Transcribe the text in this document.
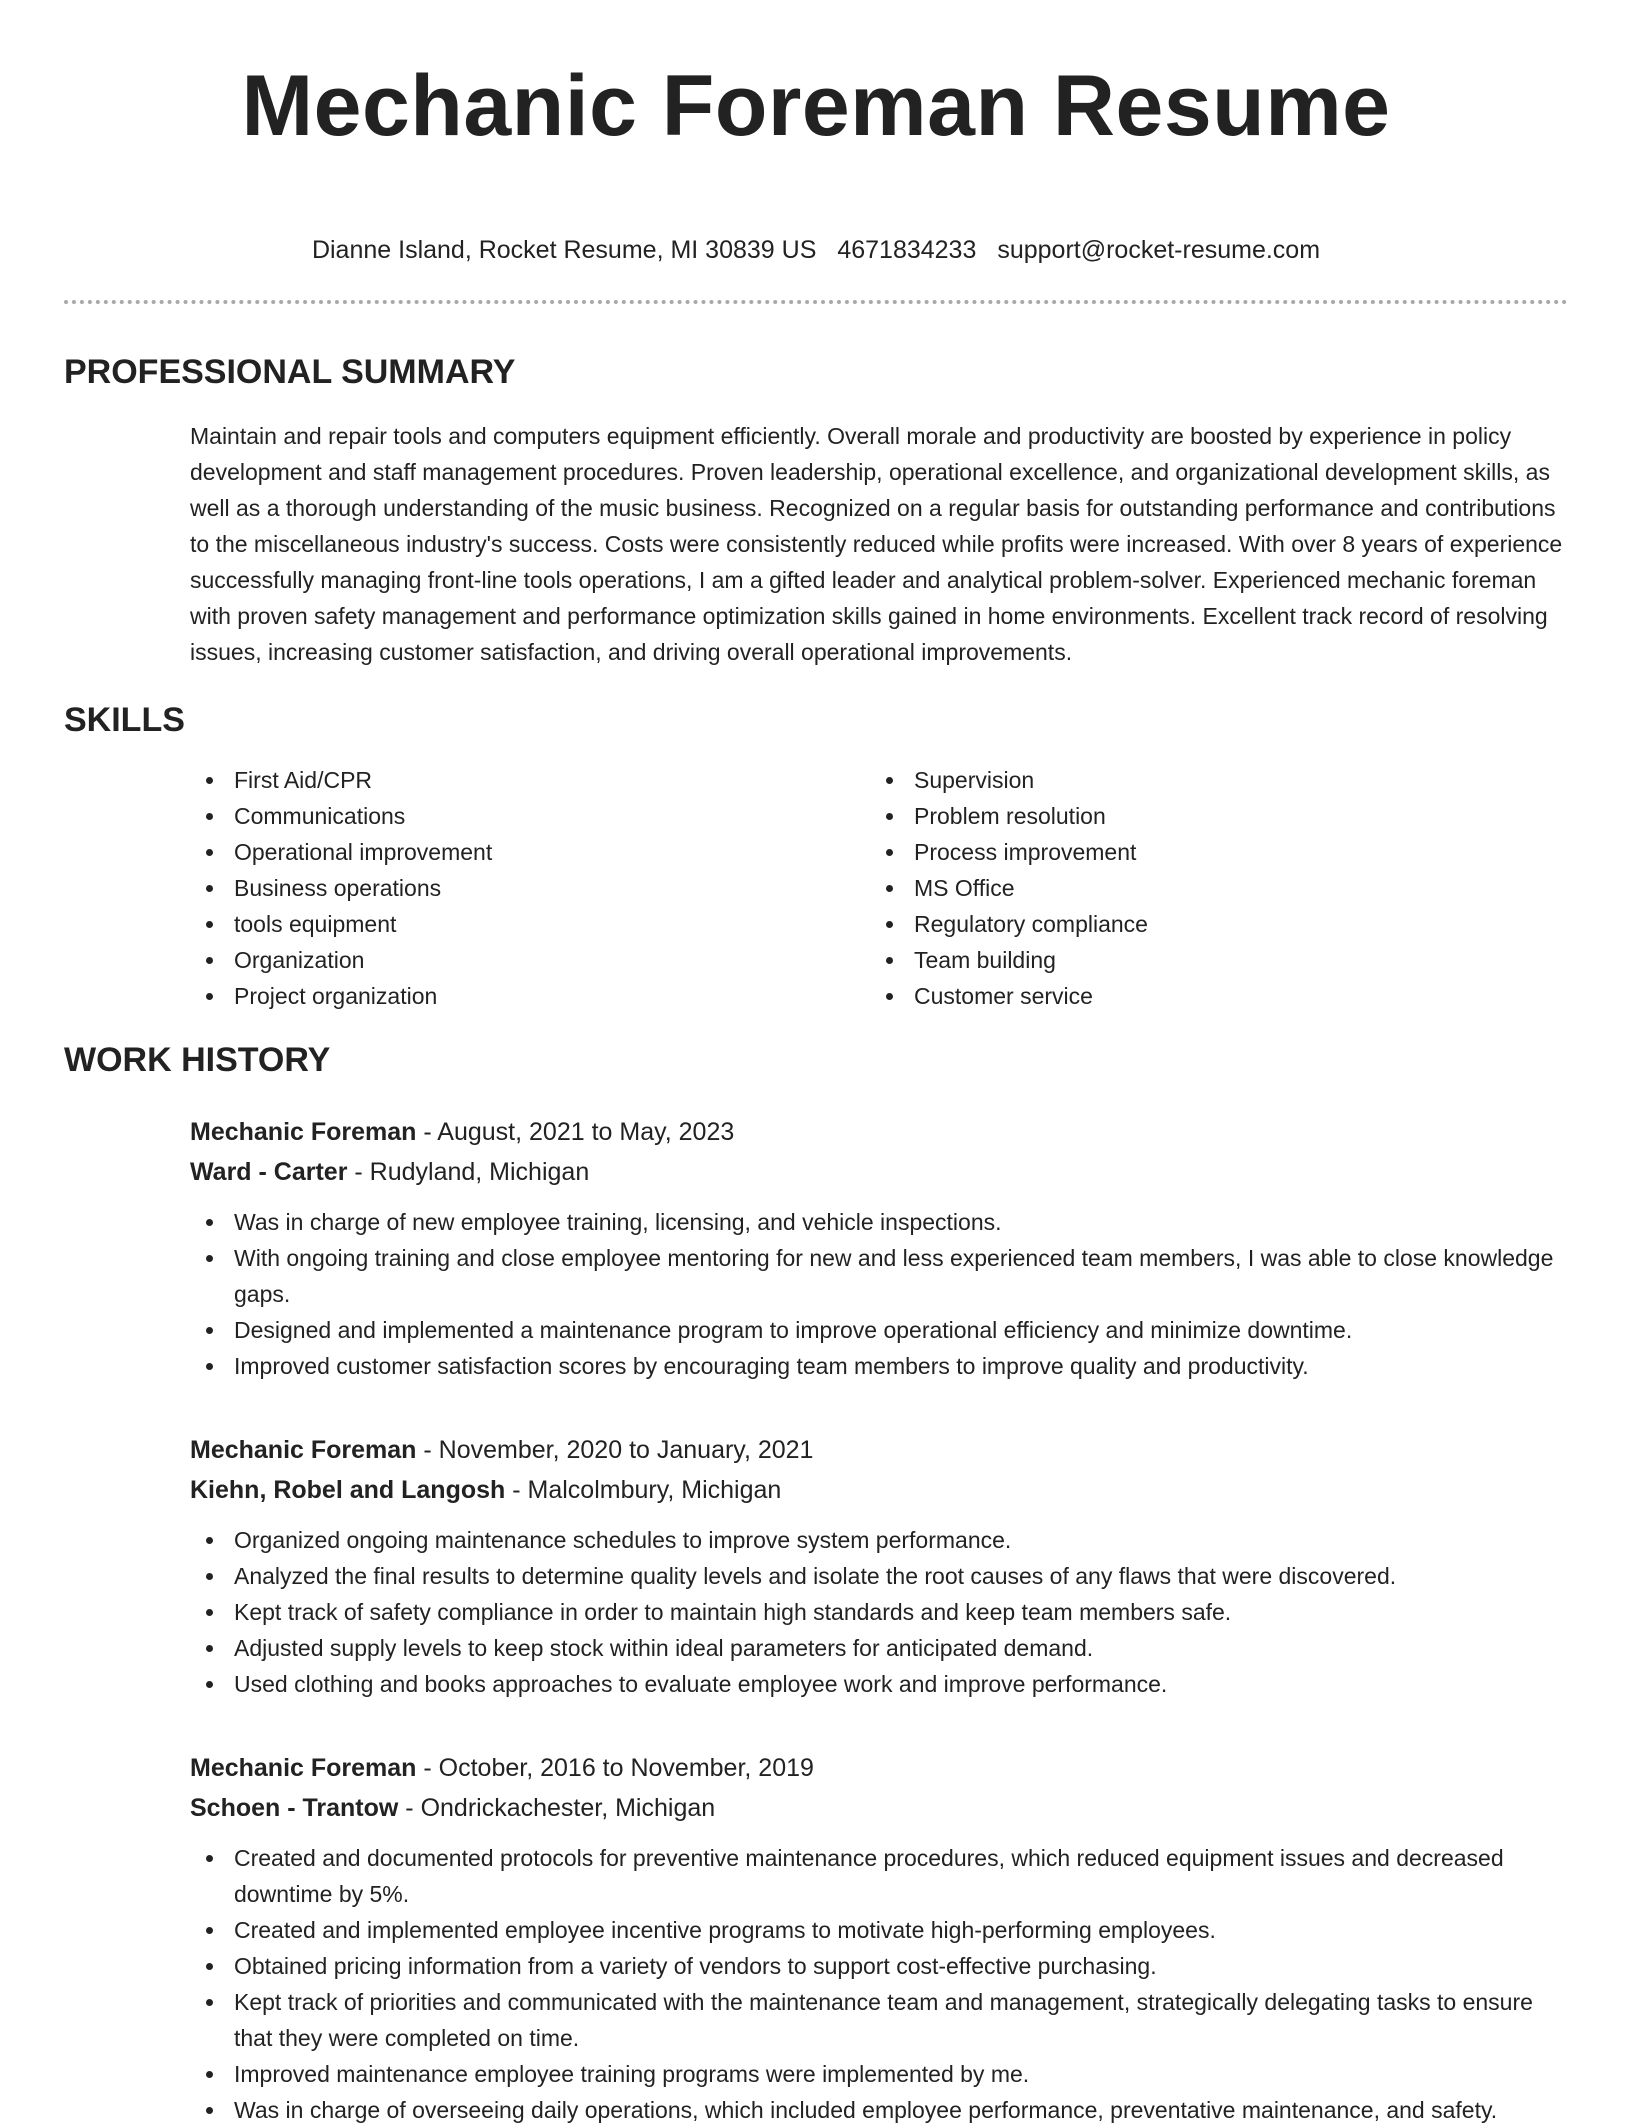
Mechanic Foreman Resume
Dianne Island, Rocket Resume, MI 30839 US 4671834233 support@rocket-resume.com
PROFESSIONAL SUMMARY

Maintain and repair tools and computers equipment efficiently. Overall morale and productivity are boosted by experience in policy development and staff management procedures. Proven leadership, operational excellence, and organizational development skills, as well as a thorough understanding of the music business. Recognized on a regular basis for outstanding performance and contributions to the miscellaneous industry's success. Costs were consistently reduced while profits were increased. With over 8 years of experience successfully managing front-line tools operations, I am a gifted leader and analytical problem-solver. Experienced mechanic foreman with proven safety management and performance optimization skills gained in home environments. Excellent track record of resolving issues, increasing customer satisfaction, and driving overall operational improvements.

SKILLS
First Aid/CPR
Communications
Operational improvement
Business operations
tools equipment
Organization
Project organization
Supervision
Problem resolution
Process improvement
MS Office
Regulatory compliance
Team building
Customer service
WORK HISTORY
Mechanic Foreman - August, 2021 to May, 2023
Ward - Carter - Rudyland, Michigan
Was in charge of new employee training, licensing, and vehicle inspections.
With ongoing training and close employee mentoring for new and less experienced team members, I was able to close knowledge gaps.
Designed and implemented a maintenance program to improve operational efficiency and minimize downtime.
Improved customer satisfaction scores by encouraging team members to improve quality and productivity.
Mechanic Foreman - November, 2020 to January, 2021
Kiehn, Robel and Langosh - Malcolmbury, Michigan
Organized ongoing maintenance schedules to improve system performance.
Analyzed the final results to determine quality levels and isolate the root causes of any flaws that were discovered.
Kept track of safety compliance in order to maintain high standards and keep team members safe.
Adjusted supply levels to keep stock within ideal parameters for anticipated demand.
Used clothing and books approaches to evaluate employee work and improve performance.
Mechanic Foreman - October, 2016 to November, 2019
Schoen - Trantow - Ondrickachester, Michigan
Created and documented protocols for preventive maintenance procedures, which reduced equipment issues and decreased downtime by 5%.
Created and implemented employee incentive programs to motivate high-performing employees.
Obtained pricing information from a variety of vendors to support cost-effective purchasing.
Kept track of priorities and communicated with the maintenance team and management, strategically delegating tasks to ensure that they were completed on time.
Improved maintenance employee training programs were implemented by me.
Was in charge of overseeing daily operations, which included employee performance, preventative maintenance, and safety.
